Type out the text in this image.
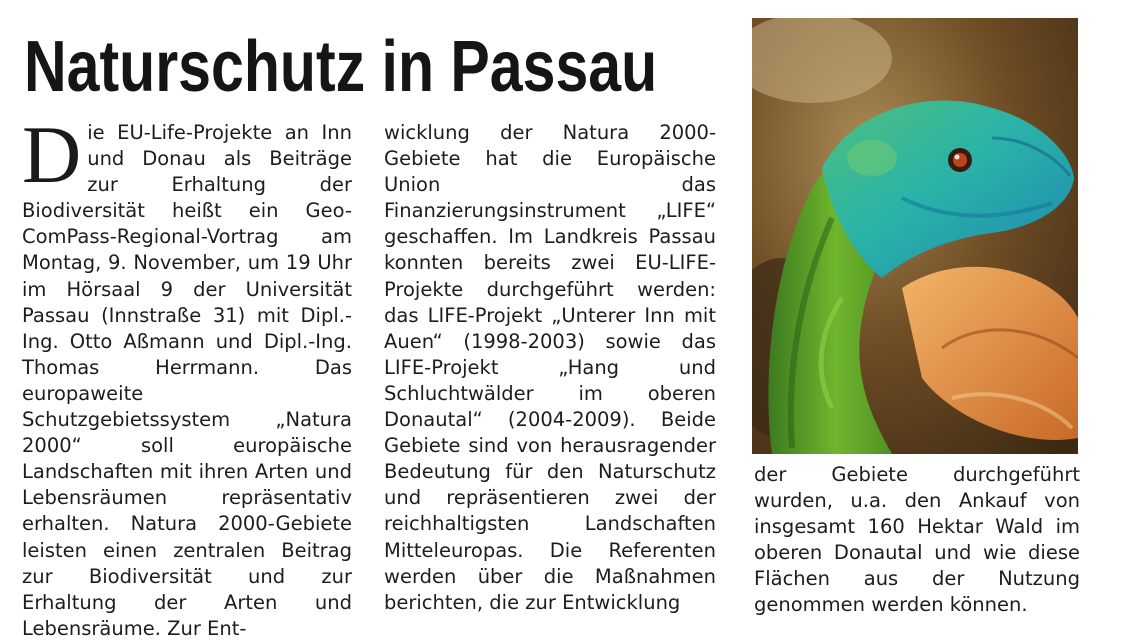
Naturschutz in Passau

Die EU-Life-Projekte an Inn und Donau als Beiträge zur Erhaltung der Biodiversität heißt ein Geo-ComPass-Regional-Vortrag am Montag, 9. November, um 19 Uhr im Hörsaal 9 der Universität Passau (Innstraße 31) mit Dipl.-Ing. Otto Aßmann und Dipl.-Ing. Thomas Herrmann. Das europaweite Schutzgebietssystem „Natura 2000“ soll europäische Landschaften mit ihren Arten und Lebensräumen repräsentativ erhalten. Natura 2000-Gebiete leisten einen zentralen Beitrag zur Biodiversität und zur Erhaltung der Arten und Lebensräume. Zur Ent-

wicklung der Natura 2000-Gebiete hat die Europäische Union das Finanzierungsinstrument „LIFE“ geschaffen. Im Landkreis Passau konnten bereits zwei EU-LIFE-Projekte durchgeführt werden: das LIFE-Projekt „Unterer Inn mit Auen“ (1998-2003) sowie das LIFE-Projekt „Hang und Schluchtwälder im oberen Donautal“ (2004-2009). Beide Gebiete sind von herausragender Bedeutung für den Naturschutz und repräsentieren zwei der reichhaltigsten Landschaften Mitteleuropas. Die Referenten werden über die Maßnahmen berichten, die zur Entwicklung

der Gebiete durchgeführt wurden, u.a. den Ankauf von insgesamt 160 Hektar Wald im oberen Donautal und wie diese Flächen aus der Nutzung genommen werden können.
